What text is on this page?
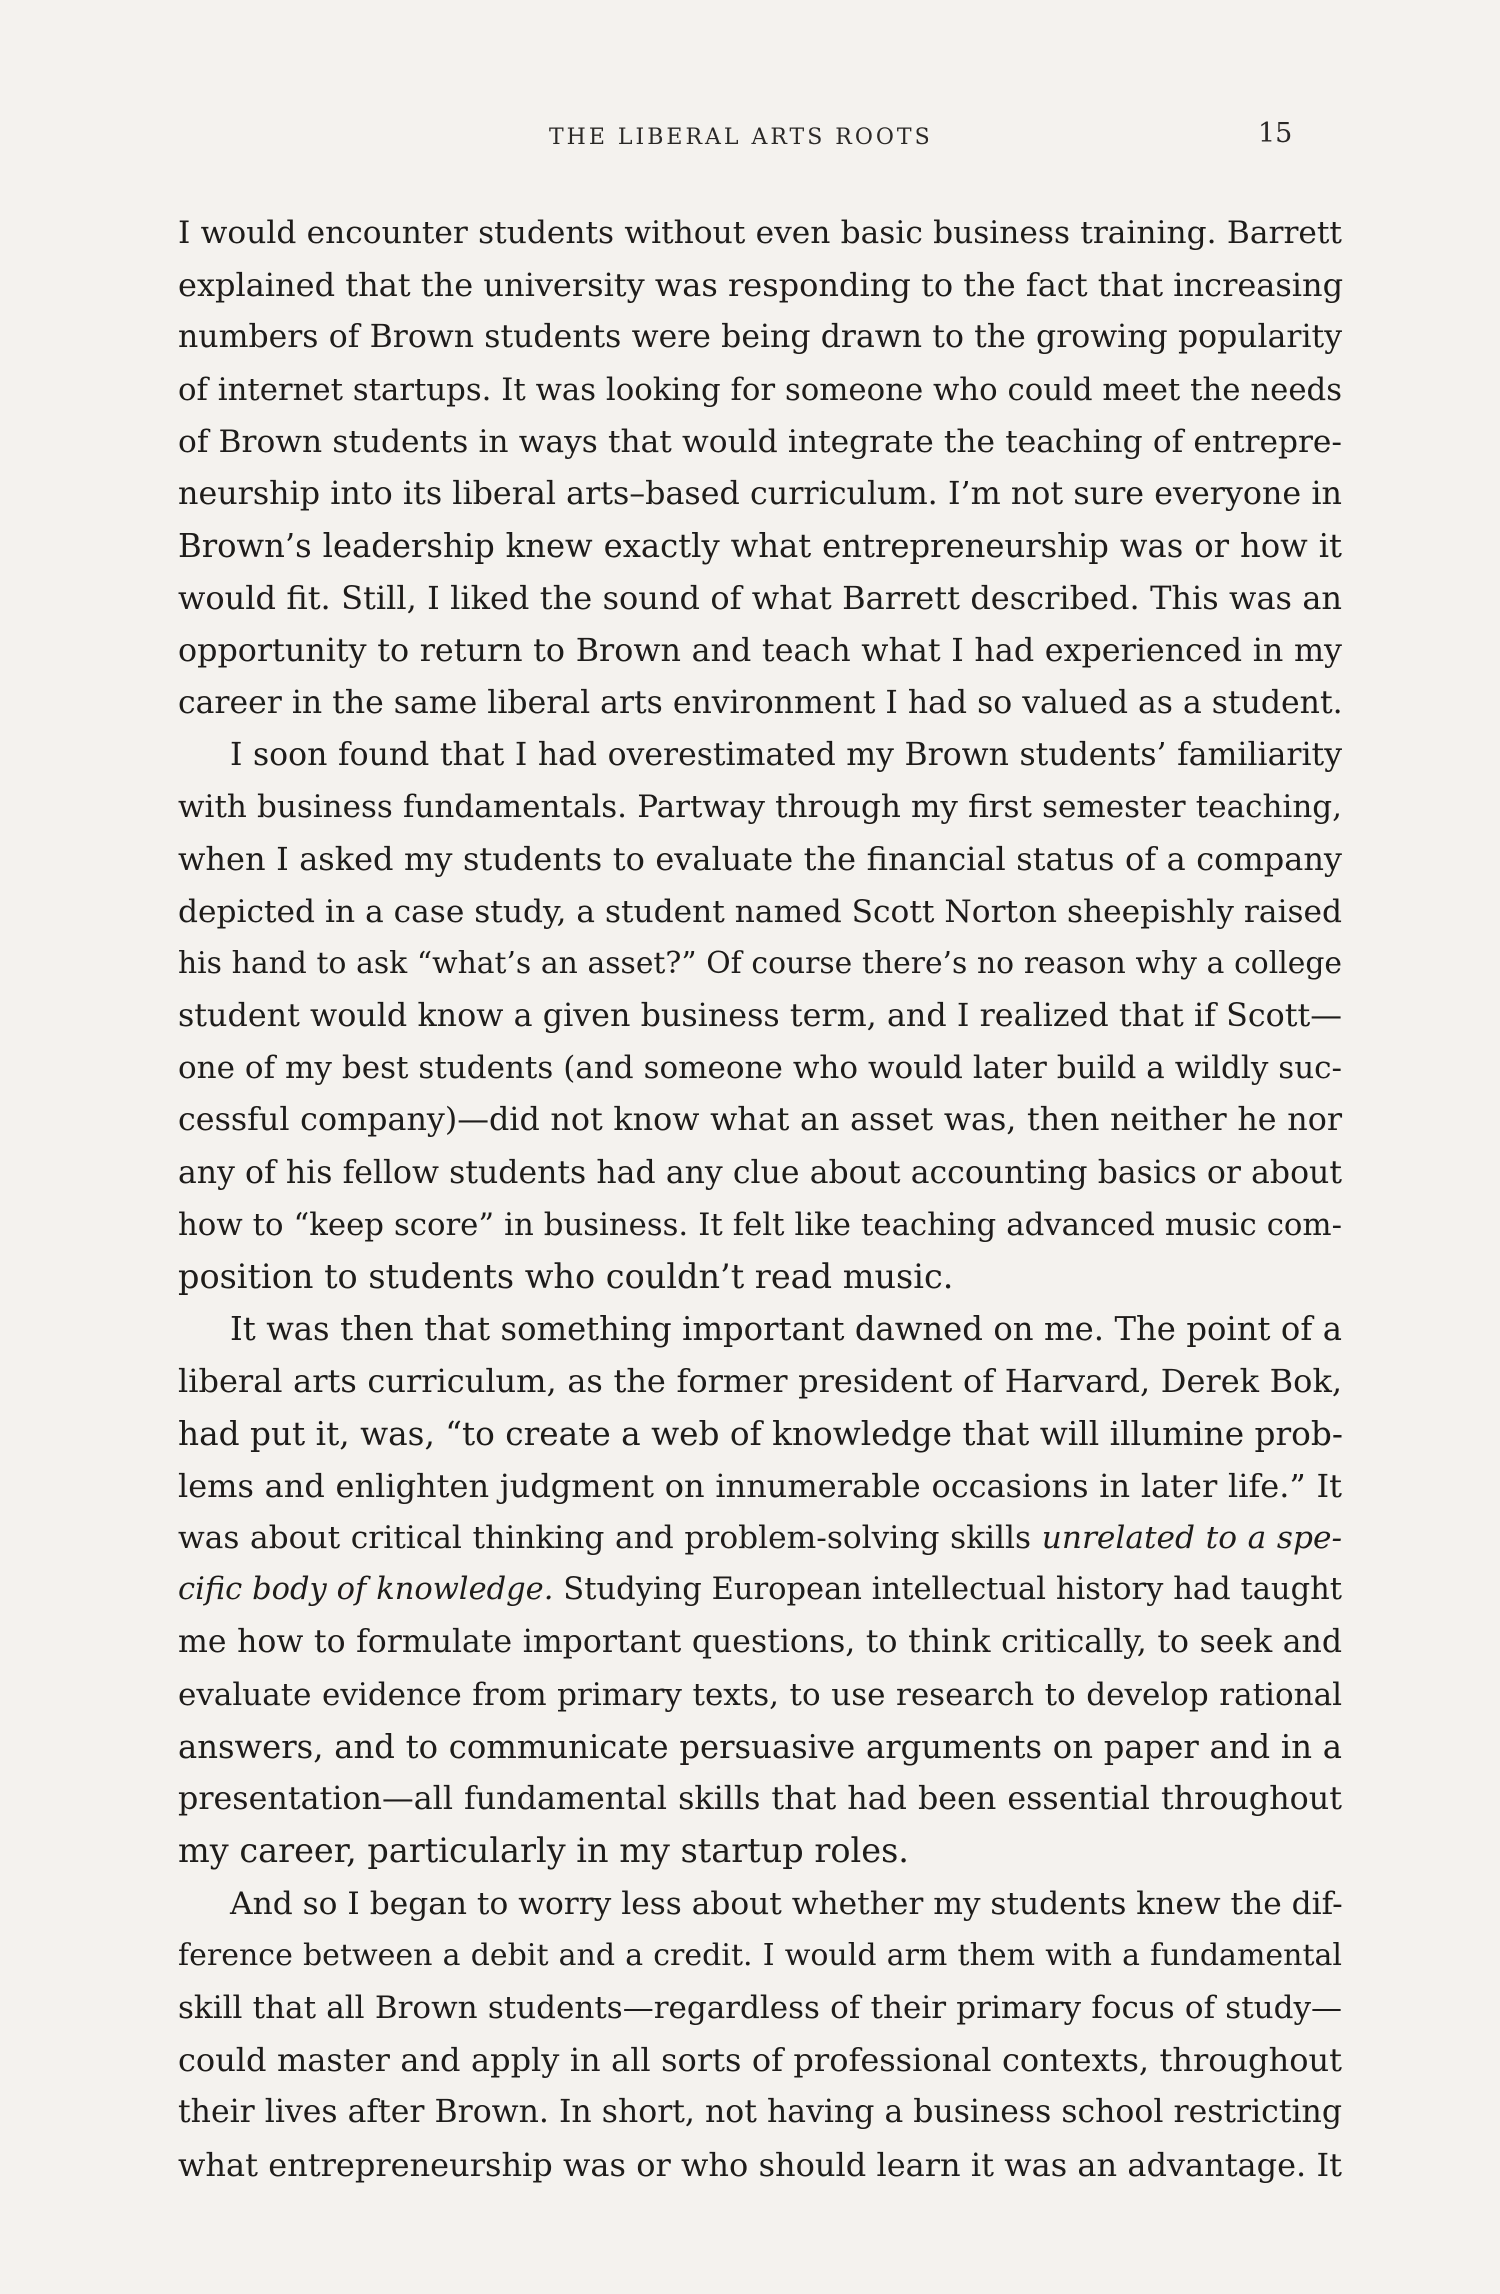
THE LIBERAL ARTS ROOTS	15

I would encounter students without even basic business training. Barrett
explained that the university was responding to the fact that increasing
numbers of Brown students were being drawn to the growing popularity
of internet startups. It was looking for someone who could meet the needs
of Brown students in ways that would integrate the teaching of entrepre-
neurship into its liberal arts–based curriculum. I’m not sure everyone in
Brown’s leadership knew exactly what entrepreneurship was or how it
would fit. Still, I liked the sound of what Barrett described. This was an
opportunity to return to Brown and teach what I had experienced in my
career in the same liberal arts environment I had so valued as a student.

I soon found that I had overestimated my Brown students’ familiarity
with business fundamentals. Partway through my first semester teaching,
when I asked my students to evaluate the financial status of a company
depicted in a case study, a student named Scott Norton sheepishly raised
his hand to ask “what’s an asset?” Of course there’s no reason why a college
student would know a given business term, and I realized that if Scott—
one of my best students (and someone who would later build a wildly suc-
cessful company)—did not know what an asset was, then neither he nor
any of his fellow students had any clue about accounting basics or about
how to “keep score” in business. It felt like teaching advanced music com-
position to students who couldn’t read music.

It was then that something important dawned on me. The point of a
liberal arts curriculum, as the former president of Harvard, Derek Bok,
had put it, was, “to create a web of knowledge that will illumine prob-
lems and enlighten judgment on innumerable occasions in later life.” It
was about critical thinking and problem-solving skills unrelated to a spe-
cific body of knowledge. Studying European intellectual history had taught
me how to formulate important questions, to think critically, to seek and
evaluate evidence from primary texts, to use research to develop rational
answers, and to communicate persuasive arguments on paper and in a
presentation—all fundamental skills that had been essential throughout
my career, particularly in my startup roles.

And so I began to worry less about whether my students knew the dif-
ference between a debit and a credit. I would arm them with a fundamental
skill that all Brown students—regardless of their primary focus of study—
could master and apply in all sorts of professional contexts, throughout
their lives after Brown. In short, not having a business school restricting
what entrepreneurship was or who should learn it was an advantage. It
